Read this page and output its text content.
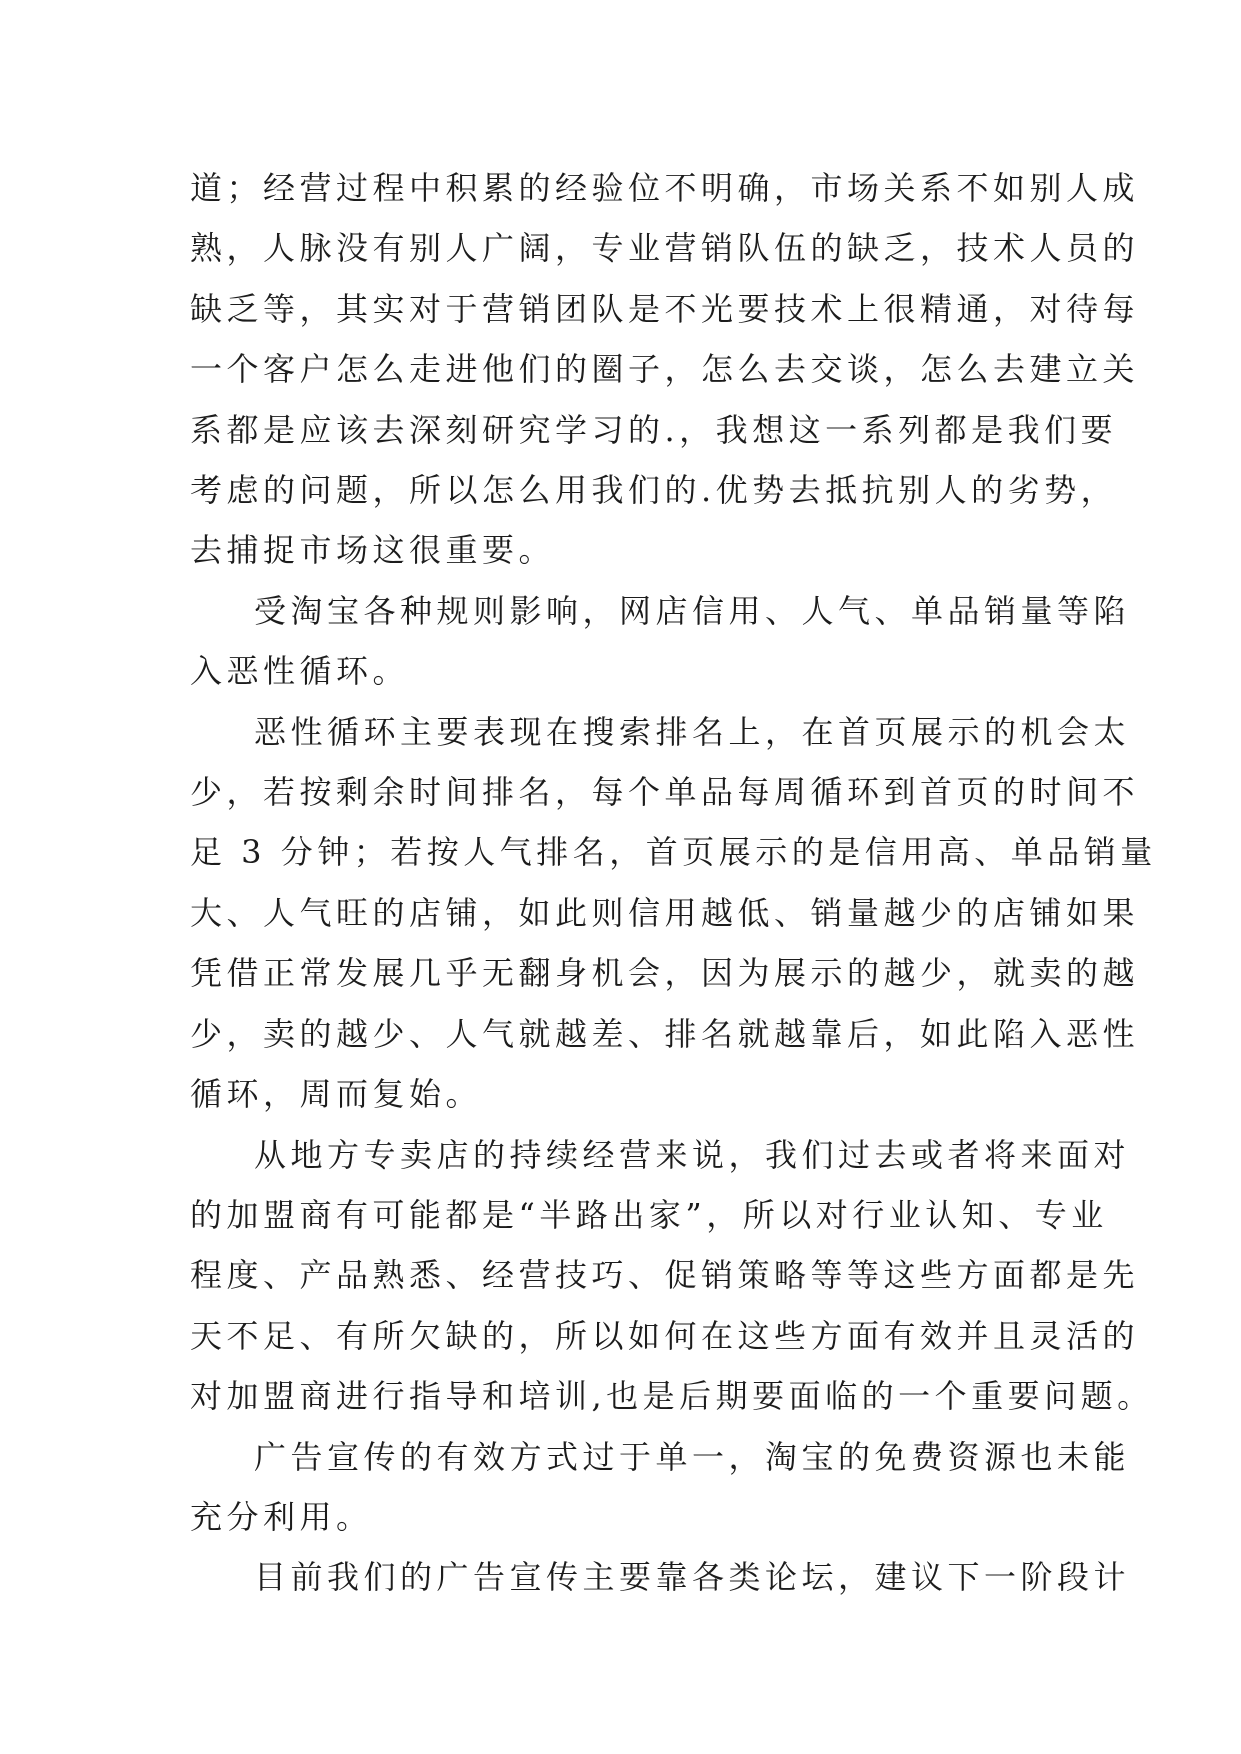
道；经营过程中积累的经验位不明确，市场关系不如别人成
熟，人脉没有别人广阔，专业营销队伍的缺乏，技术人员的
缺乏等，其实对于营销团队是不光要技术上很精通，对待每
一个客户怎么走进他们的圈子，怎么去交谈，怎么去建立关
系都是应该去深刻研究学习的.，我想这一系列都是我们要
考虑的问题，所以怎么用我们的.优势去抵抗别人的劣势，
去捕捉市场这很重要。
受淘宝各种规则影响，网店信用、人气、单品销量等陷
入恶性循环。
恶性循环主要表现在搜索排名上，在首页展示的机会太
少，若按剩余时间排名，每个单品每周循环到首页的时间不
足 3 分钟；若按人气排名，首页展示的是信用高、单品销量
大、人气旺的店铺，如此则信用越低、销量越少的店铺如果
凭借正常发展几乎无翻身机会，因为展示的越少，就卖的越
少，卖的越少、人气就越差、排名就越靠后，如此陷入恶性
循环，周而复始。
从地方专卖店的持续经营来说，我们过去或者将来面对
的加盟商有可能都是“半路出家”，所以对行业认知、专业
程度、产品熟悉、经营技巧、促销策略等等这些方面都是先
天不足、有所欠缺的，所以如何在这些方面有效并且灵活的
对加盟商进行指导和培训,也是后期要面临的一个重要问题。
广告宣传的有效方式过于单一，淘宝的免费资源也未能
充分利用。
目前我们的广告宣传主要靠各类论坛，建议下一阶段计
